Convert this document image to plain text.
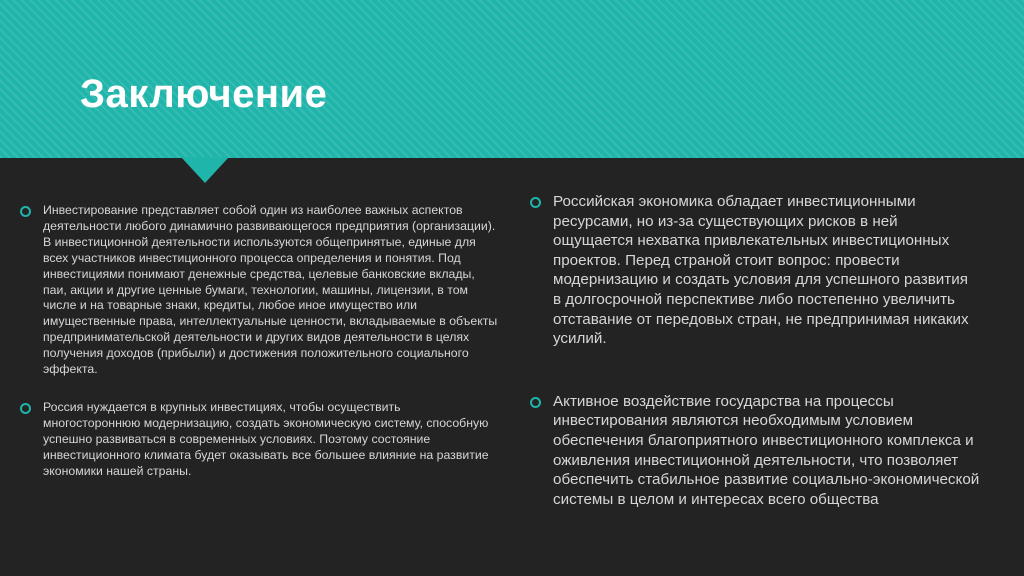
Заключение
Инвестирование представляет собой один из наиболее важных аспектов деятельности любого динамично развивающегося предприятия (организации). В инвестиционной деятельности используются общепринятые, единые для всех участников инвестиционного процесса определения и понятия. Под инвестициями понимают денежные средства, целевые банковские вклады, паи, акции и другие ценные бумаги, технологии, машины, лицензии, в том числе и на товарные знаки, кредиты, любое иное имущество или имущественные права, интеллектуальные ценности, вкладываемые в объекты предпринимательской деятельности и других видов деятельности в целях получения доходов (прибыли) и достижения положительного социального эффекта.
Россия нуждается в крупных инвестициях, чтобы осуществить многостороннюю модернизацию, создать экономическую систему, способную успешно развиваться в современных условиях. Поэтому состояние инвестиционного климата будет оказывать все большее влияние на развитие экономики нашей страны.
Российская экономика обладает инвестиционными ресурсами, но из-за существующих рисков в ней ощущается нехватка привлекательных инвестиционных проектов. Перед страной стоит вопрос: провести модернизацию и создать условия для успешного развития в долгосрочной перспективе либо постепенно увеличить отставание от передовых стран, не предпринимая никаких усилий.
Активное воздействие государства на процессы инвестирования являются необходимым условием обеспечения благоприятного инвестиционного комплекса и оживления инвестиционной деятельности, что позволяет обеспечить стабильное развитие социально-экономической системы в целом и интересах всего общества
